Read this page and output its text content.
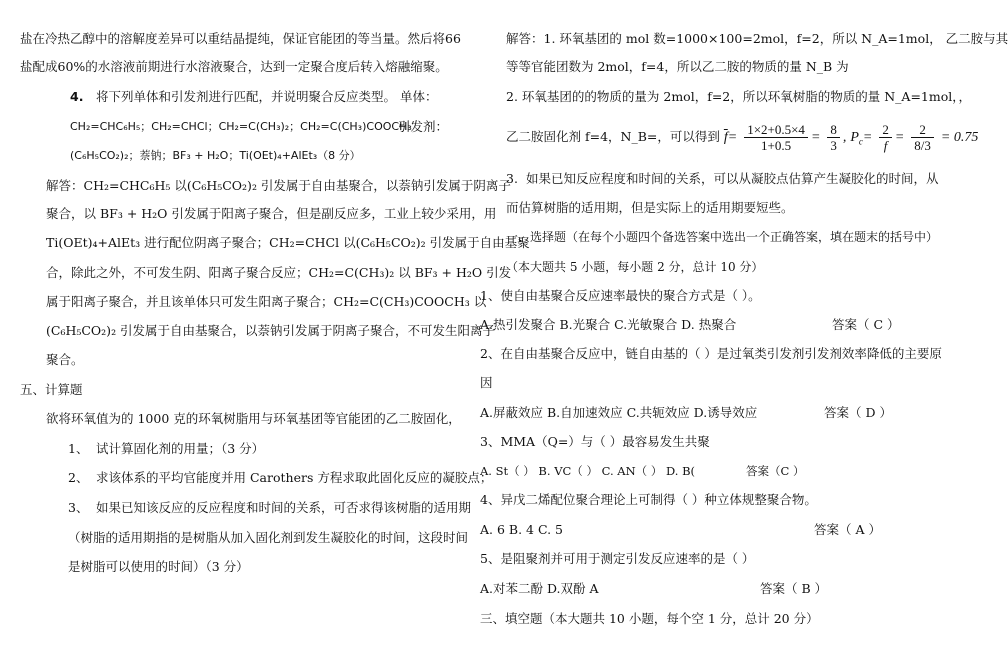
盐在冷热乙醇中的溶解度差异可以重结晶提纯，保证官能团的等当量。然后将66
盐配成60%的水溶液前期进行水溶液聚合，达到一定聚合度后转入熔融缩聚。
4. 将下列单体和引发剂进行匹配，并说明聚合反应类型。 单体：
CH₂=CHC₆H₅；CH₂=CHCl；CH₂=C(CH₃)₂；CH₂=C(CH₃)COOCH₃
引发剂：
(C₆H₅CO₂)₂；萘钠；BF₃ + H₂O；Ti(OEt)₄+AlEt₃（8 分）
解答：CH₂=CHC₆H₅ 以(C₆H₅CO₂)₂ 引发属于自由基聚合，以萘钠引发属于阴离子
聚合，以 BF₃ + H₂O 引发属于阳离子聚合，但是副反应多，工业上较少采用，用
Ti(OEt)₄+AlEt₃ 进行配位阴离子聚合；CH₂=CHCl 以(C₆H₅CO₂)₂ 引发属于自由基聚
合，除此之外，不可发生阴、阳离子聚合反应；CH₂=C(CH₃)₂ 以 BF₃ + H₂O 引发
属于阳离子聚合，并且该单体只可发生阳离子聚合；CH₂=C(CH₃)COOCH₃ 以
(C₆H₅CO₂)₂ 引发属于自由基聚合，以萘钠引发属于阴离子聚合，不可发生阳离子
聚合。
五、计算题
欲将环氧值为的 1000 克的环氧树脂用与环氧基团等官能团的乙二胺固化，
1、 试计算固化剂的用量；（3 分）
2、 求该体系的平均官能度并用 Carothers 方程求取此固化反应的凝胶点；
3、 如果已知该反应的反应程度和时间的关系，可否求得该树脂的适用期
（树脂的适用期指的是树脂从加入固化剂到发生凝胶化的时间，这段时间
是树脂可以使用的时间）（3 分）
解答：1. 环氧基团的 mol 数=1000×100=2mol，f=2，所以 N_A=1mol， 乙二胺与其
等等官能团数为 2mol，f=4，所以乙二胺的物质的量 N_B 为
2. 环氧基团的的物质的量为 2mol，f=2，所以环氧树脂的物质的量 N_A=1mol，，
乙二胺固化剂 f=4，N_B=，可以得到 $\overline{f}= \frac{1\times 2+0.5\times 4}{1+0.5} = \frac{8}{3}$ , $P_c= \frac{2}{f} = \frac{2}{8/3} = 0.75$
3. 如果已知反应程度和时间的关系，可以从凝胶点估算产生凝胶化的时间，从
而估算树脂的适用期，但是实际上的适用期要短些。
一、选择题（在每个小题四个备选答案中选出一个正确答案，填在题末的括号中）
（本大题共 5 小题，每小题 2 分，总计 10 分）
1、使自由基聚合反应速率最快的聚合方式是（ ）。
A.热引发聚合 B.光聚合 C.光敏聚合 D. 热聚合	答案（ C ）
2、在自由基聚合反应中，链自由基的（ ）是过氧类引发剂引发剂效率降低的主要原
因
A.屏蔽效应 B.自加速效应 C.共轭效应 D.诱导效应	答案（ D ）
3、MMA（Q=）与（ ）最容易发生共聚
A. St（ ） B. VC（ ） C. AN（ ） D. B(	答案（C ）
4、异戊二烯配位聚合理论上可制得（ ）种立体规整聚合物。
A. 6 B. 4 C. 5	答案（ A ）
5、是阻聚剂并可用于测定引发反应速率的是（ ）
A.对苯二酚 D.双酚 A	答案（ B ）
三、填空题（本大题共 10 小题，每个空 1 分，总计 20 分）
